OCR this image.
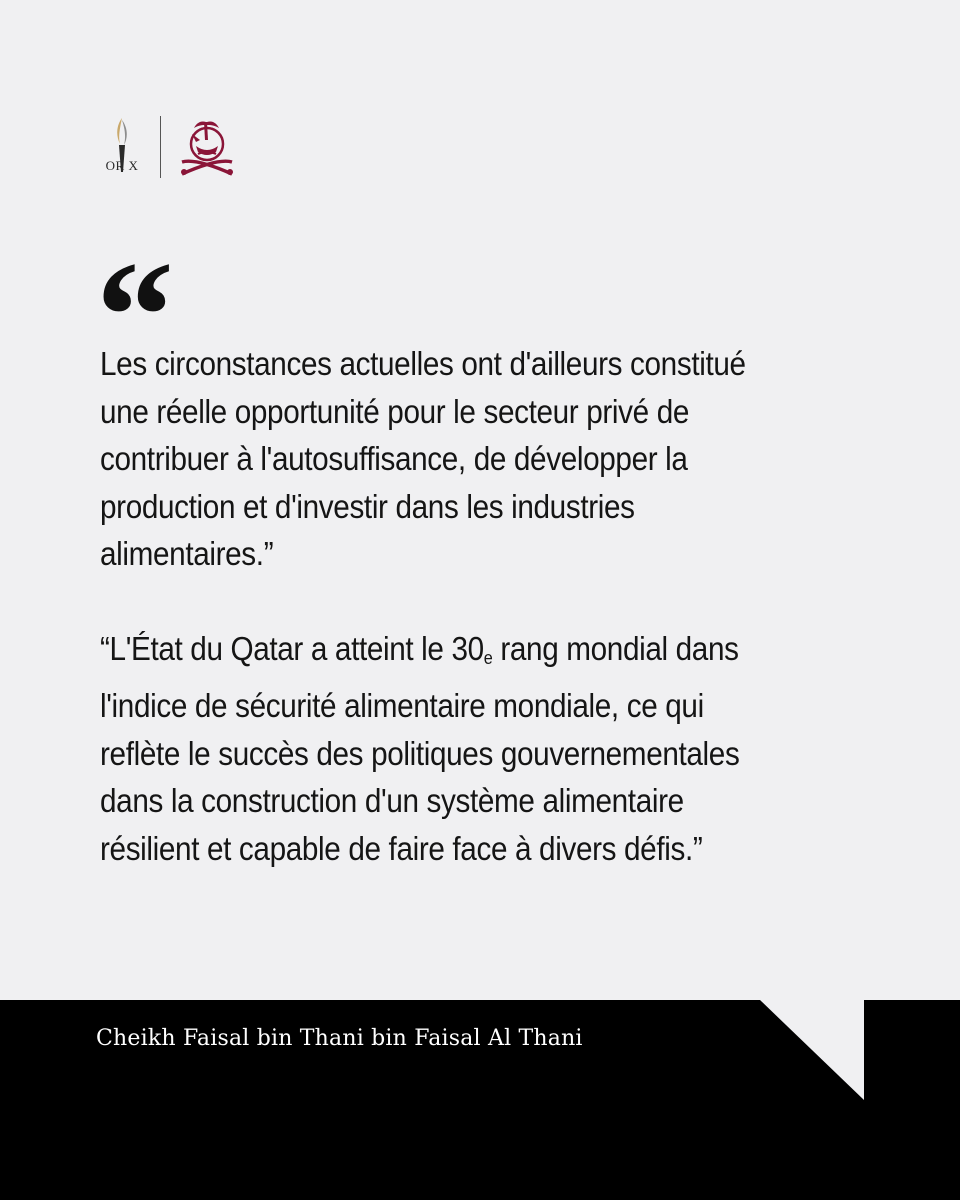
OR X
“

Les circonstances actuelles ont d'ailleurs constitué une réelle opportunité pour le secteur privé de contribuer à l'autosuffisance, de développer la production et d'investir dans les industries alimentaires.”

“L'État du Qatar a atteint le 30e rang mondial dans l'indice de sécurité alimentaire mondiale, ce qui reflète le succès des politiques gouvernementales dans la construction d'un système alimentaire résilient et capable de faire face à divers défis.”

Cheikh Faisal bin Thani bin Faisal Al Thani
